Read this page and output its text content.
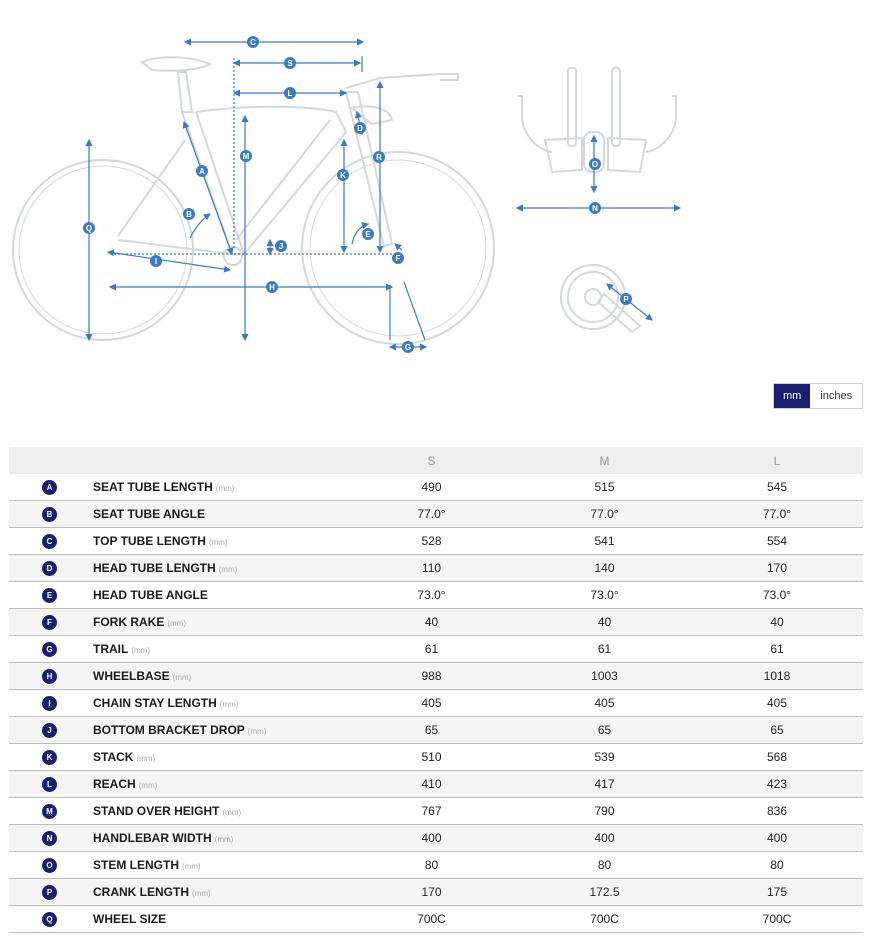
C
S
L
D
R
A
M
K
B
E
Q
J
I	F
H
G
O
N
P
mm	inches
		S	M	L
A	SEAT TUBE LENGTH (mm)	490	515	545
B	SEAT TUBE ANGLE	77.0°	77.0°	77.0°
C	TOP TUBE LENGTH (mm)	528	541	554
D	HEAD TUBE LENGTH (mm)	110	140	170
E	HEAD TUBE ANGLE	73.0°	73.0°	73.0°
F	FORK RAKE (mm)	40	40	40
G	TRAIL (mm)	61	61	61
H	WHEELBASE (mm)	988	1003	1018
I	CHAIN STAY LENGTH (mm)	405	405	405
J	BOTTOM BRACKET DROP (mm)	65	65	65
K	STACK (mm)	510	539	568
L	REACH (mm)	410	417	423
M	STAND OVER HEIGHT (mm)	767	790	836
N	HANDLEBAR WIDTH (mm)	400	400	400
O	STEM LENGTH (mm)	80	80	80
P	CRANK LENGTH (mm)	170	172.5	175
Q	WHEEL SIZE	700C	700C	700C
